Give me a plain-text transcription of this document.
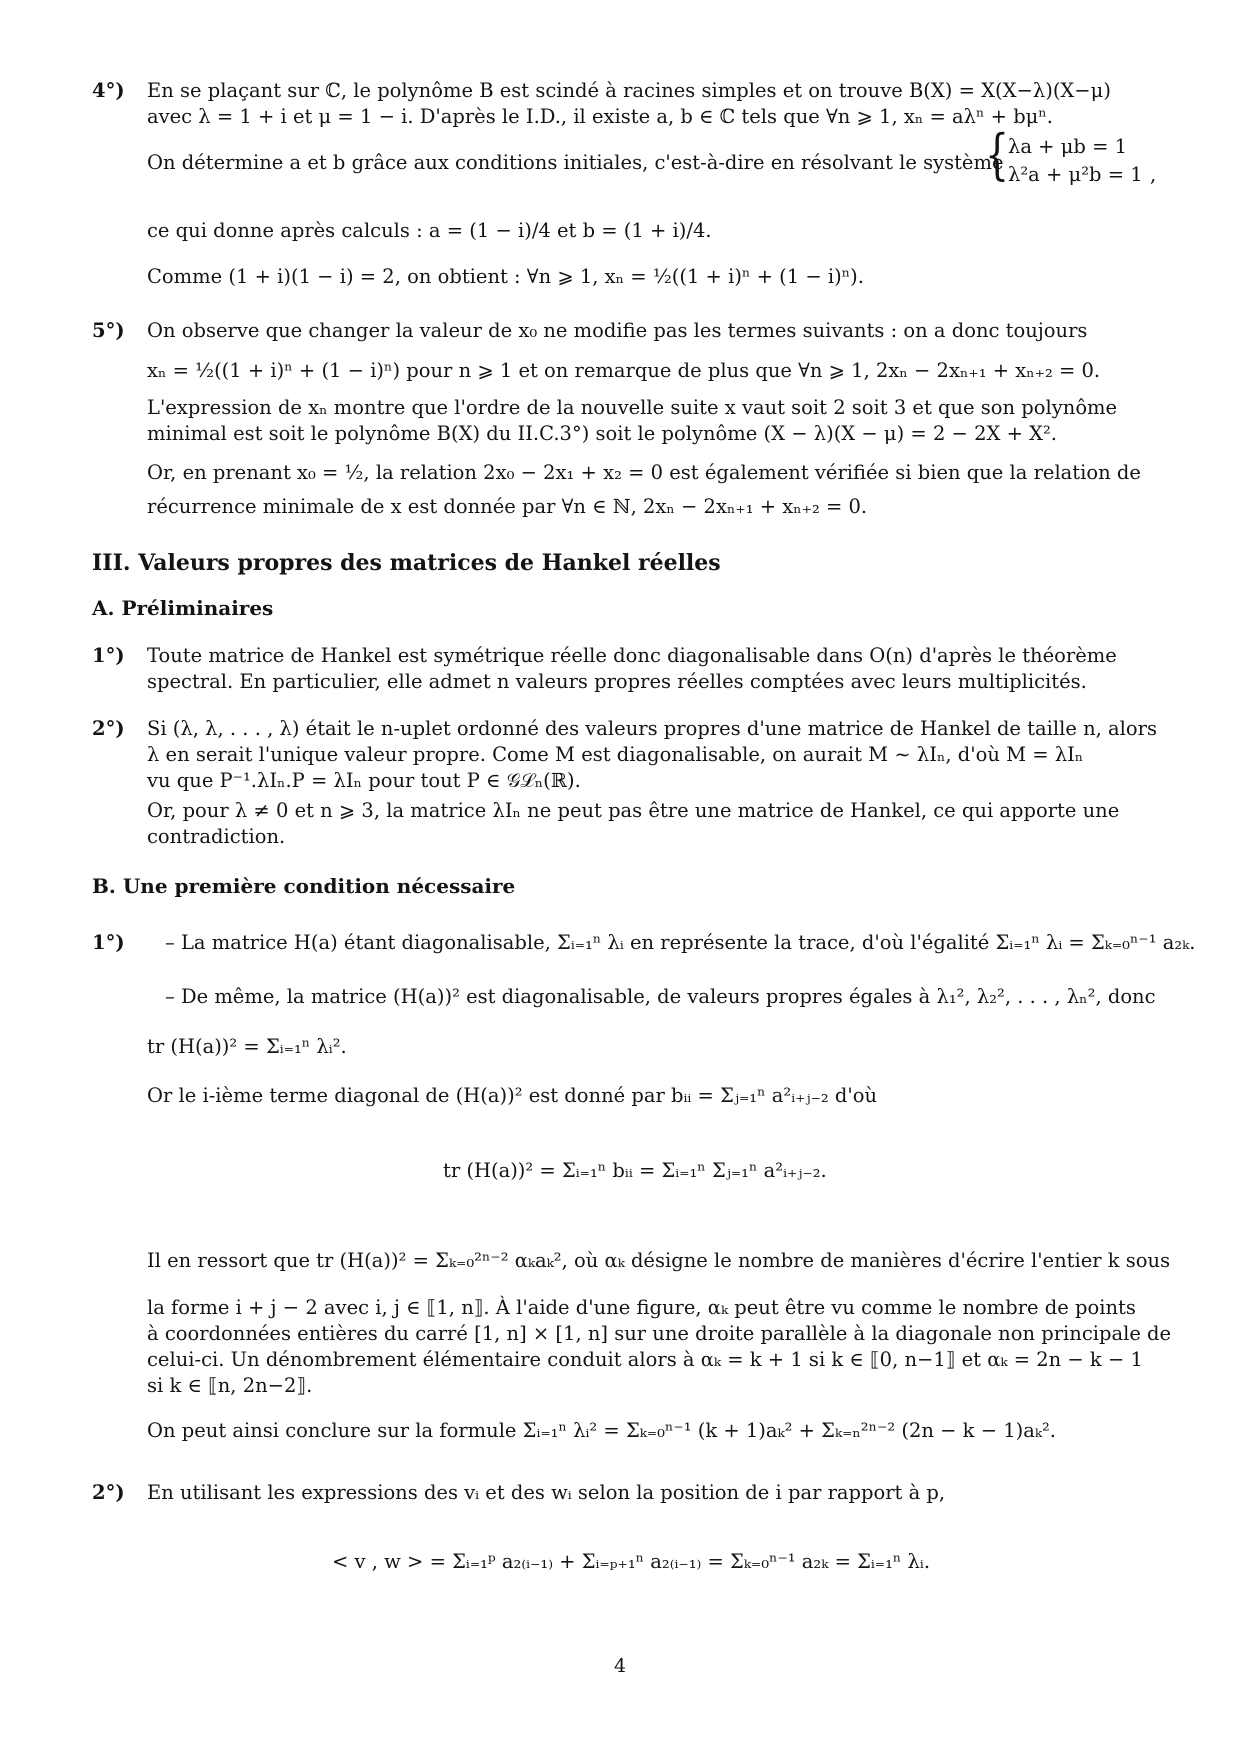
4°) En se plaçant sur ℂ, le polynôme B est scindé à racines simples et on trouve B(X) = X(X−λ)(X−μ)
avec λ = 1 + i et μ = 1 − i. D'après le I.D., il existe a, b ∈ ℂ tels que ∀n ⩾ 1, xₙ = aλⁿ + bμⁿ.
On détermine a et b grâce aux conditions initiales, c'est-à-dire en résolvant le système
{
λa + μb = 1
λ²a + μ²b = 1 ,
ce qui donne après calculs : a = (1 − i)/4 et b = (1 + i)/4.
Comme (1 + i)(1 − i) = 2, on obtient : ∀n ⩾ 1, xₙ = ½((1 + i)ⁿ + (1 − i)ⁿ).
5°) On observe que changer la valeur de x₀ ne modifie pas les termes suivants : on a donc toujours
xₙ = ½((1 + i)ⁿ + (1 − i)ⁿ) pour n ⩾ 1 et on remarque de plus que ∀n ⩾ 1, 2xₙ − 2xₙ₊₁ + xₙ₊₂ = 0.
L'expression de xₙ montre que l'ordre de la nouvelle suite x vaut soit 2 soit 3 et que son polynôme
minimal est soit le polynôme B(X) du II.C.3°) soit le polynôme (X − λ)(X − μ) = 2 − 2X + X².
Or, en prenant x₀ = ½, la relation 2x₀ − 2x₁ + x₂ = 0 est également vérifiée si bien que la relation de
récurrence minimale de x est donnée par ∀n ∈ ℕ, 2xₙ − 2xₙ₊₁ + xₙ₊₂ = 0.
III. Valeurs propres des matrices de Hankel réelles
A. Préliminaires
1°) Toute matrice de Hankel est symétrique réelle donc diagonalisable dans O(n) d'après le théorème
spectral. En particulier, elle admet n valeurs propres réelles comptées avec leurs multiplicités.
2°) Si (λ, λ, . . . , λ) était le n-uplet ordonné des valeurs propres d'une matrice de Hankel de taille n, alors
λ en serait l'unique valeur propre. Come M est diagonalisable, on aurait M ∼ λIₙ, d'où M = λIₙ
vu que P⁻¹.λIₙ.P = λIₙ pour tout P ∈ 𝒢ℒₙ(ℝ).
Or, pour λ ≠ 0 et n ⩾ 3, la matrice λIₙ ne peut pas être une matrice de Hankel, ce qui apporte une
contradiction.
B. Une première condition nécessaire
1°) – La matrice H(a) étant diagonalisable, Σᵢ₌₁ⁿ λᵢ en représente la trace, d'où l'égalité Σᵢ₌₁ⁿ λᵢ = Σₖ₌₀ⁿ⁻¹ a₂ₖ.
– De même, la matrice (H(a))² est diagonalisable, de valeurs propres égales à λ₁², λ₂², . . . , λₙ², donc
tr (H(a))² = Σᵢ₌₁ⁿ λᵢ².
Or le i-ième terme diagonal de (H(a))² est donné par bᵢᵢ = Σⱼ₌₁ⁿ a²ᵢ₊ⱼ₋₂ d'où
tr (H(a))² = Σᵢ₌₁ⁿ bᵢᵢ = Σᵢ₌₁ⁿ Σⱼ₌₁ⁿ a²ᵢ₊ⱼ₋₂.
Il en ressort que tr (H(a))² = Σₖ₌₀²ⁿ⁻² αₖaₖ², où αₖ désigne le nombre de manières d'écrire l'entier k sous
la forme i + j − 2 avec i, j ∈ ⟦1, n⟧. À l'aide d'une figure, αₖ peut être vu comme le nombre de points
à coordonnées entières du carré [1, n] × [1, n] sur une droite parallèle à la diagonale non principale de
celui-ci. Un dénombrement élémentaire conduit alors à αₖ = k + 1 si k ∈ ⟦0, n−1⟧ et αₖ = 2n − k − 1
si k ∈ ⟦n, 2n−2⟧.
On peut ainsi conclure sur la formule Σᵢ₌₁ⁿ λᵢ² = Σₖ₌₀ⁿ⁻¹ (k + 1)aₖ² + Σₖ₌ₙ²ⁿ⁻² (2n − k − 1)aₖ².
2°) En utilisant les expressions des vᵢ et des wᵢ selon la position de i par rapport à p,
< v , w > = Σᵢ₌₁ᵖ a₂₍ᵢ₋₁₎ + Σᵢ₌ₚ₊₁ⁿ a₂₍ᵢ₋₁₎ = Σₖ₌₀ⁿ⁻¹ a₂ₖ = Σᵢ₌₁ⁿ λᵢ.
4
